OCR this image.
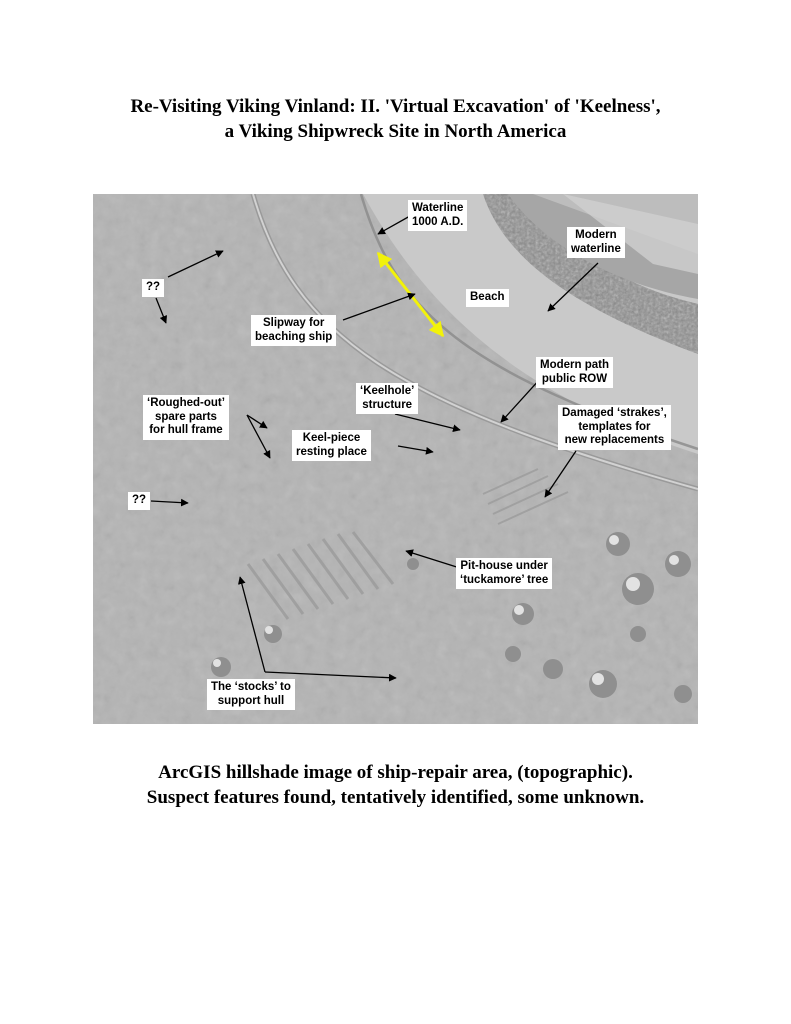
Re-Visiting Viking Vinland: II. 'Virtual Excavation' of 'Keelness',
a Viking Shipwreck Site in North America
Waterline
1000 A.D.
Modern
waterline
Beach
??
Slipway for
beaching ship
Modern path
public ROW
‘Roughed-out’
spare parts
for hull frame
‘Keelhole’
structure
Damaged ‘strakes’,
templates for
new replacements
Keel-piece
resting place
??
Pit-house under
‘tuckamore’ tree
The ‘stocks’ to
support hull
ArcGIS hillshade image of ship-repair area, (topographic).
Suspect features found, tentatively identified, some unknown.
